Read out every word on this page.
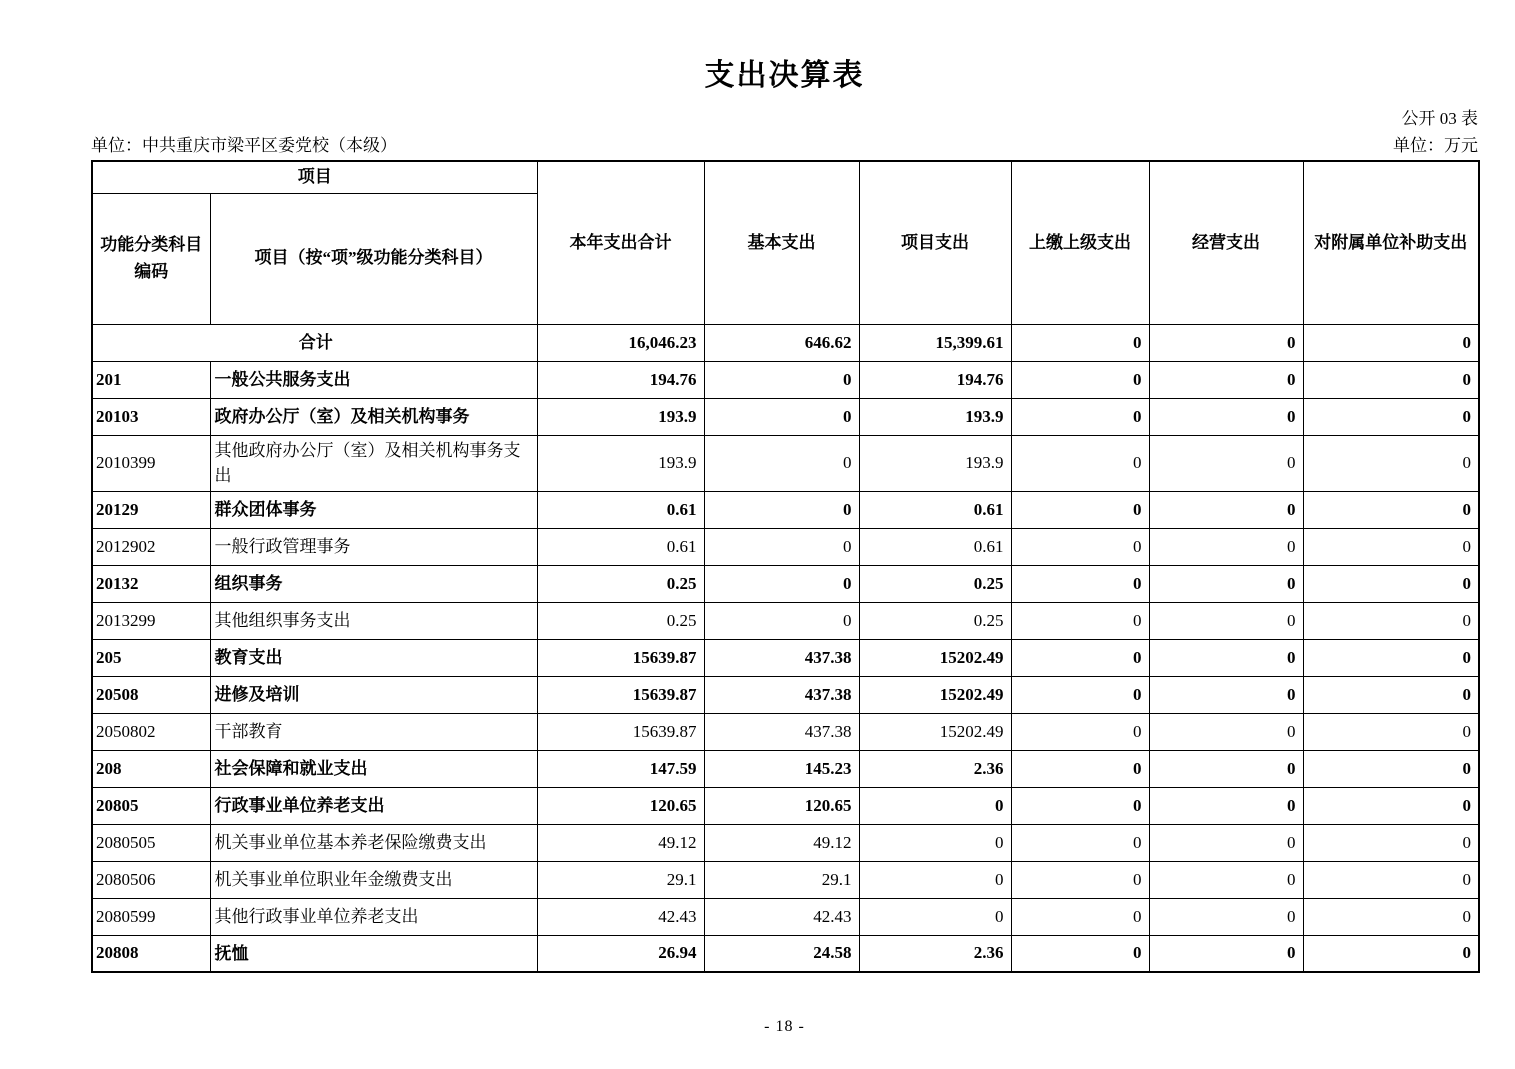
支出决算表
公开 03 表
单位：中共重庆市梁平区委党校（本级）	单位：万元
项目		本年支出合计	基本支出	项目支出	上缴上级支出	经营支出	对附属单位补助支出
功能分类科目编码	项目（按“项”级功能分类科目）						
合计		16,046.23	646.62	15,399.61	0	0	0
201	一般公共服务支出	194.76	0	194.76	0	0	0
20103	政府办公厅（室）及相关机构事务	193.9	0	193.9	0	0	0
2010399	其他政府办公厅（室）及相关机构事务支出	193.9	0	193.9	0	0	0
20129	群众团体事务	0.61	0	0.61	0	0	0
2012902	一般行政管理事务	0.61	0	0.61	0	0	0
20132	组织事务	0.25	0	0.25	0	0	0
2013299	其他组织事务支出	0.25	0	0.25	0	0	0
205	教育支出	15639.87	437.38	15202.49	0	0	0
20508	进修及培训	15639.87	437.38	15202.49	0	0	0
2050802	干部教育	15639.87	437.38	15202.49	0	0	0
208	社会保障和就业支出	147.59	145.23	2.36	0	0	0
20805	行政事业单位养老支出	120.65	120.65	0	0	0	0
2080505	机关事业单位基本养老保险缴费支出	49.12	49.12	0	0	0	0
2080506	机关事业单位职业年金缴费支出	29.1	29.1	0	0	0	0
2080599	其他行政事业单位养老支出	42.43	42.43	0	0	0	0
20808	抚恤	26.94	24.58	2.36	0	0	0
- 18 -
